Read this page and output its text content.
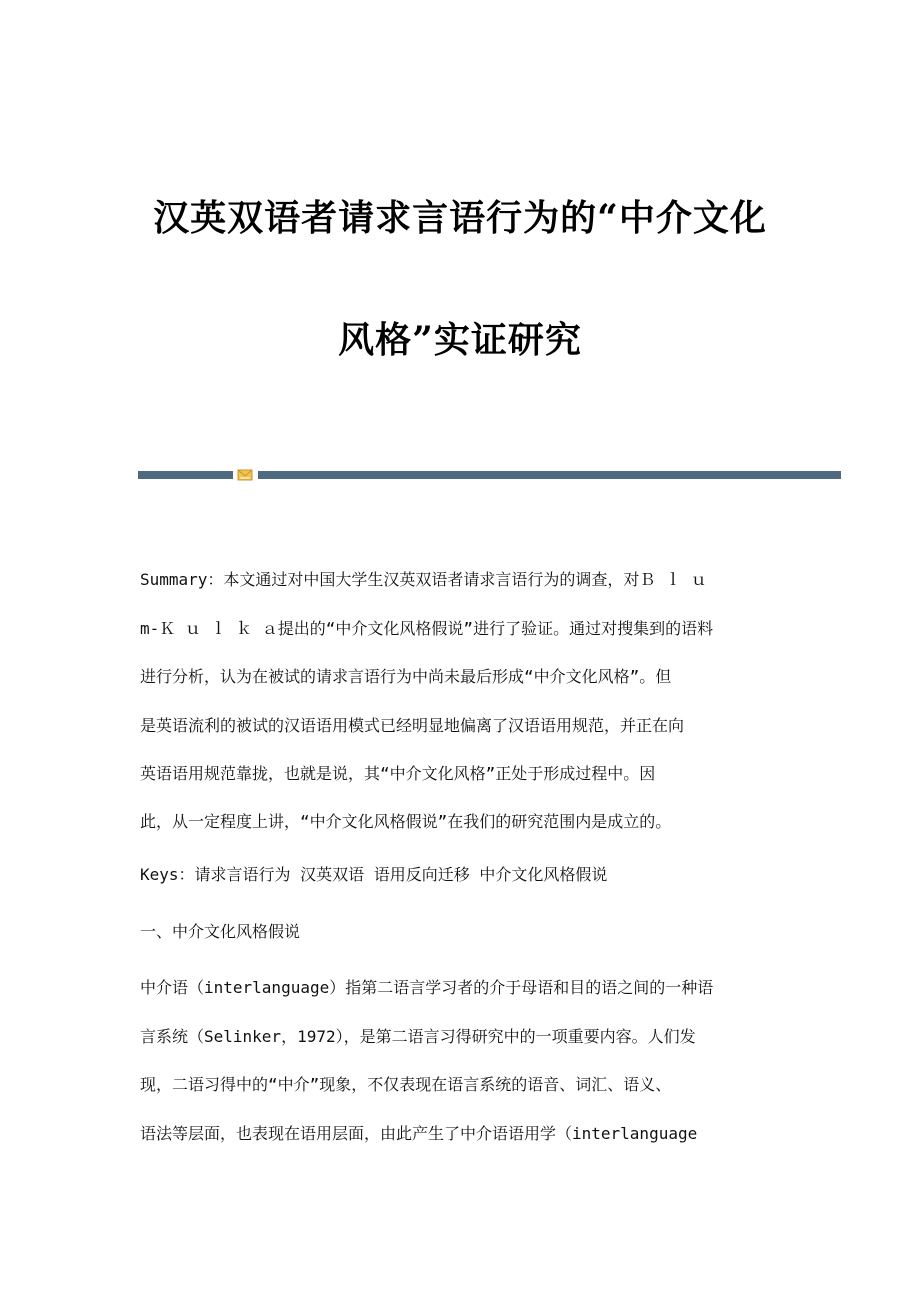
汉英双语者请求言语行为的“中介文化
风格”实证研究
Summary：本文通过对中国大学生汉英双语者请求言语行为的调查，对Ｂ ｌ ｕ
m-Ｋ ｕ ｌ ｋ ａ提出的“中介文化风格假说”进行了验证。通过对搜集到的语料
进行分析，认为在被试的请求言语行为中尚未最后形成“中介文化风格”。但
是英语流利的被试的汉语语用模式已经明显地偏离了汉语语用规范，并正在向
英语语用规范靠拢，也就是说，其“中介文化风格”正处于形成过程中。因
此，从一定程度上讲，“中介文化风格假说”在我们的研究范围内是成立的。
Keys：请求言语行为 汉英双语 语用反向迁移 中介文化风格假说
一、中介文化风格假说
中介语（interlanguage）指第二语言学习者的介于母语和目的语之间的一种语
言系统（Selinker，1972），是第二语言习得研究中的一项重要内容。人们发
现，二语习得中的“中介”现象，不仅表现在语言系统的语音、词汇、语义、
语法等层面，也表现在语用层面，由此产生了中介语语用学（interlanguage
